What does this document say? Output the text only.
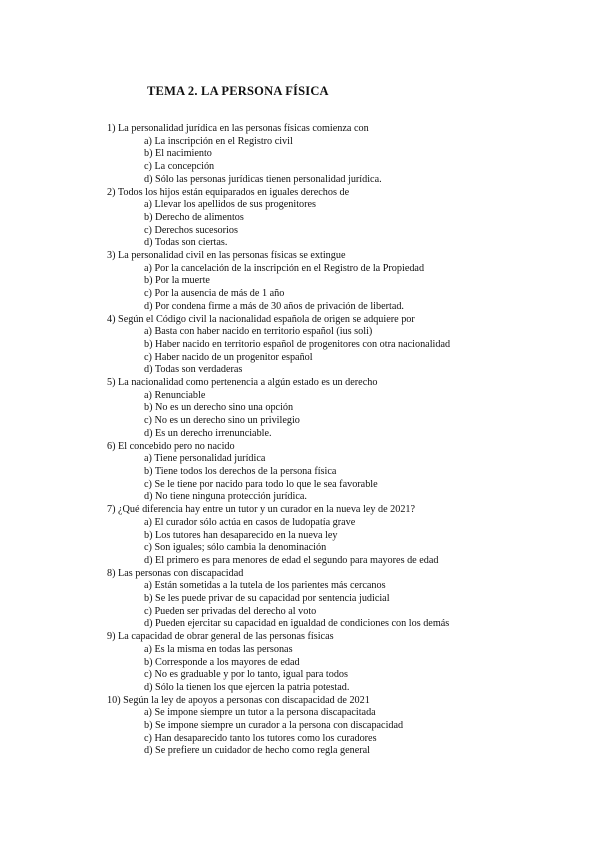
TEMA 2. LA PERSONA FÍSICA
1) La personalidad jurídica en las personas físicas comienza con
a) La inscripción en el Registro civil
b) El nacimiento
c) La concepción
d) Sólo las personas jurídicas tienen personalidad jurídica.
2) Todos los hijos están equiparados en iguales derechos de
a) Llevar los apellidos de sus progenitores
b) Derecho de alimentos
c) Derechos sucesorios
d) Todas son ciertas.
3) La personalidad civil en las personas físicas se extingue
a) Por la cancelación de la inscripción en el Registro de la Propiedad
b) Por la muerte
c) Por la ausencia de más de 1 año
d) Por condena firme a más de 30 años de privación de libertad.
4) Según el Código civil la nacionalidad española de origen se adquiere por
a) Basta con haber nacido en territorio español (ius soli)
b) Haber nacido en territorio español de progenitores con otra nacionalidad
c) Haber nacido de un progenitor español
d) Todas son verdaderas
5) La nacionalidad como pertenencia a algún estado es un derecho
a) Renunciable
b) No es un derecho sino una opción
c) No es un derecho sino un privilegio
d) Es un derecho irrenunciable.
6) El concebido pero no nacido
a) Tiene personalidad jurídica
b) Tiene todos los derechos de la persona física
c) Se le tiene por nacido para todo lo que le sea favorable
d) No tiene ninguna protección jurídica.
7) ¿Qué diferencia hay entre un tutor y un curador en la nueva ley de 2021?
a) El curador sólo actúa en casos de ludopatía grave
b) Los tutores han desaparecido en la nueva ley
c) Son iguales; sólo cambia la denominación
d) El primero es para menores de edad el segundo para mayores de edad
8) Las personas con discapacidad
a) Están sometidas a la tutela de los parientes más cercanos
b) Se les puede privar de su capacidad por sentencia judicial
c) Pueden ser privadas del derecho al voto
d) Pueden ejercitar su capacidad en igualdad de condiciones con los demás
9) La capacidad de obrar general de las personas físicas
a) Es la misma en todas las personas
b) Corresponde a los mayores de edad
c) No es graduable y por lo tanto, igual para todos
d) Sólo la tienen los que ejercen la patria potestad.
10) Según la ley de apoyos a personas con discapacidad de 2021
a) Se impone siempre un tutor a la persona discapacitada
b) Se impone siempre un curador a la persona con discapacidad
c) Han desaparecido tanto los tutores como los curadores
d) Se prefiere un cuidador de hecho como regla general
